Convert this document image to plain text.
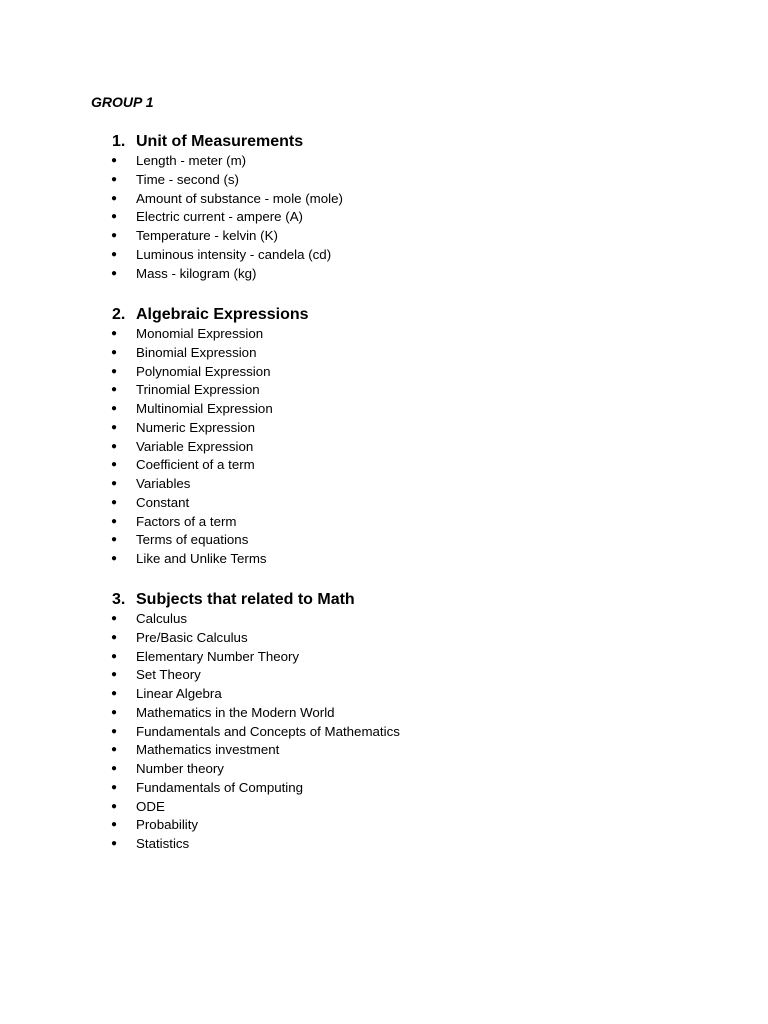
GROUP 1
1. Unit of Measurements
● Length - meter (m)
● Time - second (s)
● Amount of substance - mole (mole)
● Electric current - ampere (A)
● Temperature - kelvin (K)
● Luminous intensity - candela (cd)
● Mass - kilogram (kg)
2. Algebraic Expressions
● Monomial Expression
● Binomial Expression
● Polynomial Expression
● Trinomial Expression
● Multinomial Expression
● Numeric Expression
● Variable Expression
● Coefficient of a term
● Variables
● Constant
● Factors of a term
● Terms of equations
● Like and Unlike Terms
3. Subjects that related to Math
● Calculus
● Pre/Basic Calculus
● Elementary Number Theory
● Set Theory
● Linear Algebra
● Mathematics in the Modern World
● Fundamentals and Concepts of Mathematics
● Mathematics investment
● Number theory
● Fundamentals of Computing
● ODE
● Probability
● Statistics
